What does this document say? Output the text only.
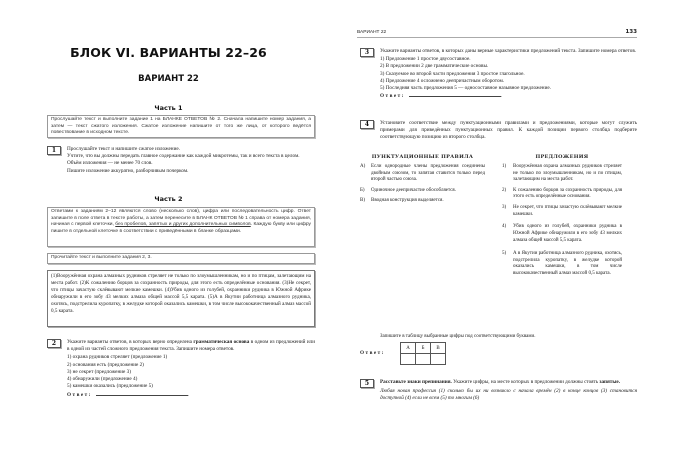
БЛОК VI. ВАРИАНТЫ 22–26
ВАРИАНТ 22
Часть 1
Прослушайте текст и выполните задание 1 на БЛАНКЕ ОТВЕТОВ № 2. Сначала напишите номер задания, а затем — текст сжатого изложения. Сжатое изложение напишите от того же лица, от которого ведётся повествование в исходном тексте.
1	Прослушайте текст и напишите сжатое изложение.

Учтите, что вы должны передать главное содержание как каждой микротемы, так и всего текста в целом.

Объём изложения — не менее 70 слов.

Пишите изложение аккуратно, разборчивым почерком.

Часть 2
Ответами к заданиям 2–12 являются слово (несколько слов), цифра или последовательность цифр. Ответ запишите в поле ответа в тексте работы, а затем перенесите в БЛАНК ОТВЕТОВ № 1 справа от номера задания, начиная с первой клеточки, без пробелов, запятых и других дополнительных символов. Каждую букву или цифру пишите в отдельной клеточке в соответствии с приведёнными в бланке образцами.
Прочитайте текст и выполните задания 2, 3.
(1)Вооружённая охрана алмазных рудников стреляет не только по злоумышленникам, но и по птицам, залетающим на места работ. (2)К сожалению борцов за сохранность природы, для этого есть определённые основания. (3)Не секрет, что птицы зачастую склёвывают мелкие камешки. (4)Убив одного из голубей, охранники рудника в Южной Африке обнаружили в его зобу 43 мелких алмаза общей массой 5,5 карата. (5)А в Якутии работница алмазного рудника, охотясь, подстрелила куропатку, в желудке которой оказались камешки, в том числе высококачественный алмаз массой 0,5 карата.
2	Укажите варианты ответов, в которых верно определена грамматическая основа в одном из предложений или в одной из частей сложного предложения текста. Запишите номера ответов.

1) охрана рудников стреляет (предложение 1)

2) основания есть (предложение 2)

3) не секрет (предложение 3)

4) обнаружили (предложение 4)

5) камешки оказались (предложение 5)

Ответ:	.

ВАРИАНТ 22	133
3	Укажите варианты ответов, в которых даны верные характеристики предложений текста. Запишите номера ответов.

1) Предложение 1 простое двусоставное.

2) В предложении 2 две грамматические основы.

3) Сказуемое во второй части предложения 3 простое глагольное.

4) Предложение 4 осложнено деепричастным оборотом.

5) Последняя часть предложения 5 — односоставное назывное предложение.

Ответ:	.

4	Установите соответствие между пунктуационными правилами и предложениями, которые могут служить примерами для приведённых пунктуационных правил. К каждой позиции первого столбца подберите соответствующую позицию из второго столбца.

ПУНКТУАЦИОННЫЕ ПРАВИЛА
А)	Если однородные члены предложения соединены двойным союзом, то запятая ставится только перед второй частью союза.
Б)	Одиночное деепричастие обособляется.
В)	Вводная конструкция выделяется.
ПРЕДЛОЖЕНИЯ
1)	Вооружённая охрана алмазных рудников стреляет не только по злоумышленникам, но и по птицам, залетающим на места работ.
2)	К сожалению борцов за сохранность природы, для этого есть определённые основания.
3)	Не секрет, что птицы зачастую склёвывают мелкие камешки.
4)	Убив одного из голубей, охранники рудника в Южной Африке обнаружили в его зобу 43 мелких алмаза общей массой 5,5 карата.
5)	А в Якутии работница алмазного рудника, охотясь, подстрелила куропатку, в желудке которой оказались камешки, в том числе высококачественный алмаз массой 0,5 карата.
Запишите в таблицу выбранные цифры под соответствующими буквами.
Ответ:
А	Б	В

5	Расставьте знаки препинания. Укажите цифры, на месте которых в предложении должны стоять запятые.

Любая новая профессия (1) сколько бы их ни возникло с начала времён (2) в конце концов (3) становится доступной (4) если не всем (5) то многим (6)
